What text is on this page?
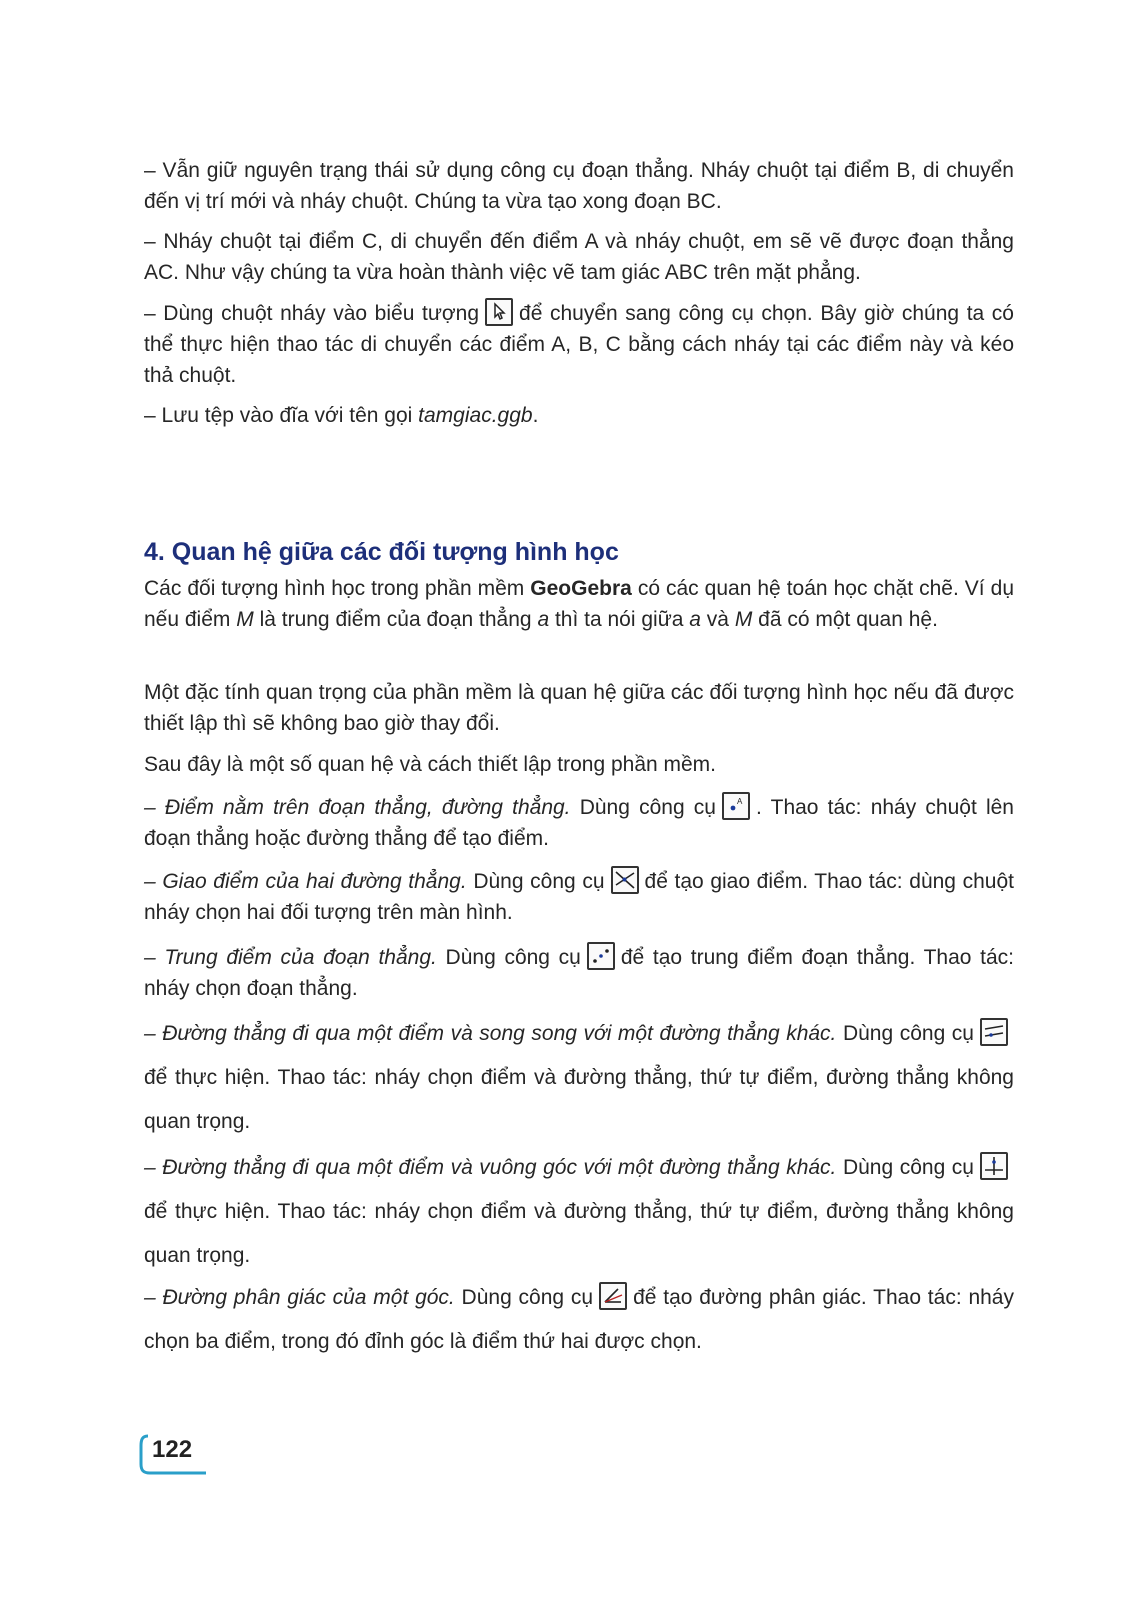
– Vẫn giữ nguyên trạng thái sử dụng công cụ đoạn thẳng. Nháy chuột tại điểm B, di chuyển đến vị trí mới và nháy chuột. Chúng ta vừa tạo xong đoạn BC.

– Nháy chuột tại điểm C, di chuyển đến điểm A và nháy chuột, em sẽ vẽ được đoạn thẳng AC. Như vậy chúng ta vừa hoàn thành việc vẽ tam giác ABC trên mặt phẳng.

– Dùng chuột nháy vào biểu tượng để chuyển sang công cụ chọn. Bây giờ chúng ta có thể thực hiện thao tác di chuyển các điểm A, B, C bằng cách nháy tại các điểm này và kéo thả chuột.

– Lưu tệp vào đĩa với tên gọi tamgiac.ggb.

4. Quan hệ giữa các đối tượng hình học

Các đối tượng hình học trong phần mềm GeoGebra có các quan hệ toán học chặt chẽ. Ví dụ nếu điểm M là trung điểm của đoạn thẳng a thì ta nói giữa a và M đã có một quan hệ.

Một đặc tính quan trọng của phần mềm là quan hệ giữa các đối tượng hình học nếu đã được thiết lập thì sẽ không bao giờ thay đổi.

Sau đây là một số quan hệ và cách thiết lập trong phần mềm.

– Điểm nằm trên đoạn thẳng, đường thẳng. Dùng công cụ	A . Thao tác: nháy chuột lên đoạn thẳng hoặc đường thẳng để tạo điểm.

– Giao điểm của hai đường thẳng. Dùng công cụ để tạo giao điểm. Thao tác: dùng chuột nháy chọn hai đối tượng trên màn hình.

– Trung điểm của đoạn thẳng. Dùng công cụ để tạo trung điểm đoạn thẳng. Thao tác: nháy chọn đoạn thẳng.

– Đường thẳng đi qua một điểm và song song với một đường thẳng khác. Dùng công cụ
để thực hiện. Thao tác: nháy chọn điểm và đường thẳng, thứ tự điểm, đường thẳng không quan trọng.

– Đường thẳng đi qua một điểm và vuông góc với một đường thẳng khác. Dùng công cụ
để thực hiện. Thao tác: nháy chọn điểm và đường thẳng, thứ tự điểm, đường thẳng không quan trọng.

– Đường phân giác của một góc. Dùng công cụ để tạo đường phân giác. Thao tác: nháy chọn ba điểm, trong đó đỉnh góc là điểm thứ hai được chọn.

122
